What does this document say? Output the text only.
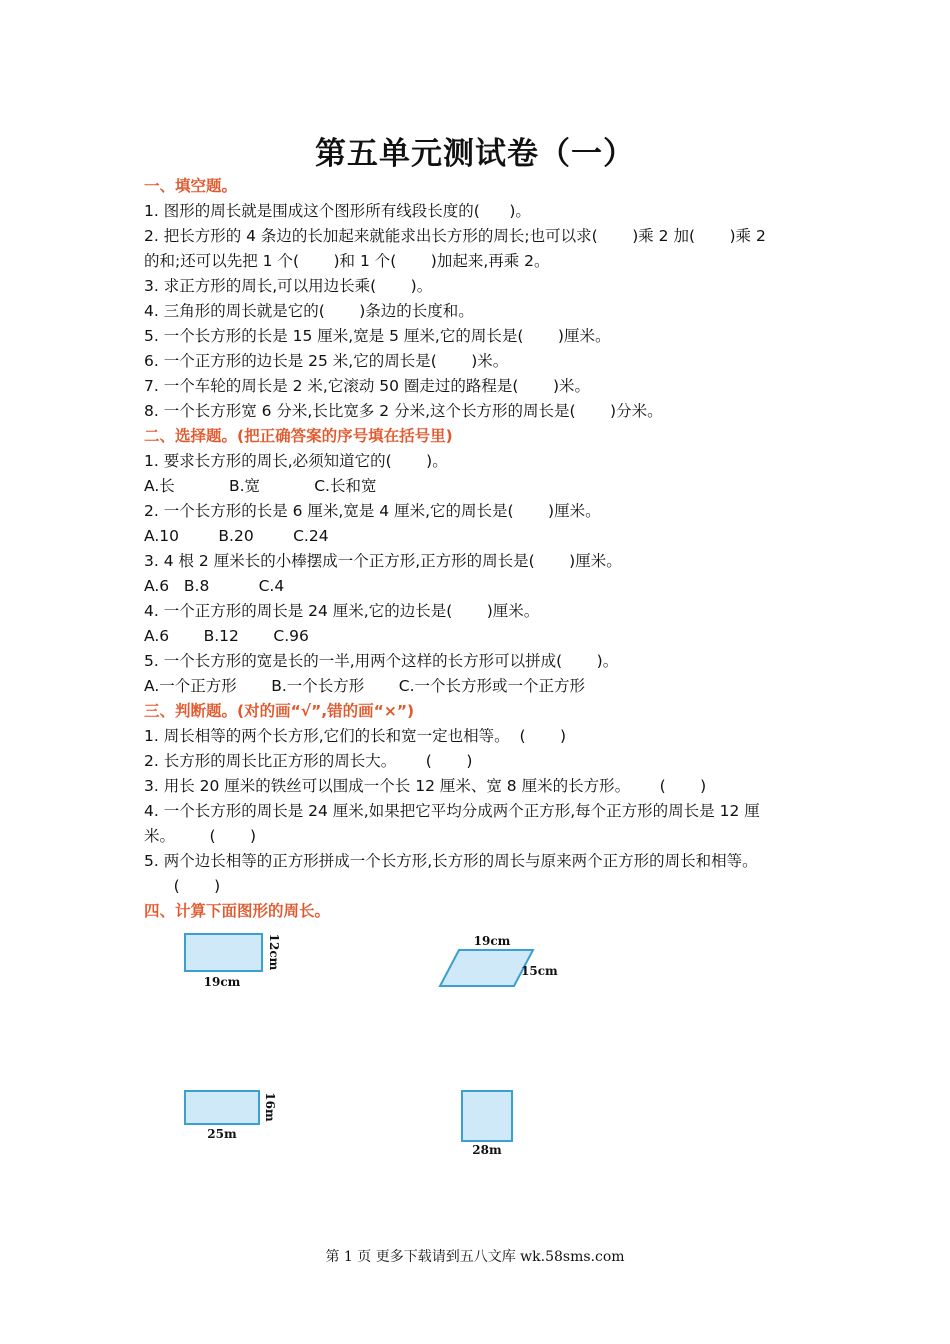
第五单元测试卷（一）
一、填空题。
1. 图形的周长就是围成这个图形所有线段长度的(      )。
2. 把长方形的 4 条边的长加起来就能求出长方形的周长;也可以求(       )乘 2 加(       )乘 2
的和;还可以先把 1 个(       )和 1 个(       )加起来,再乘 2。
3. 求正方形的周长,可以用边长乘(       )。
4. 三角形的周长就是它的(       )条边的长度和。
5. 一个长方形的长是 15 厘米,宽是 5 厘米,它的周长是(       )厘米。
6. 一个正方形的边长是 25 米,它的周长是(       )米。
7. 一个车轮的周长是 2 米,它滚动 50 圈走过的路程是(       )米。
8. 一个长方形宽 6 分米,长比宽多 2 分米,这个长方形的周长是(       )分米。
二、选择题。(把正确答案的序号填在括号里)
1. 要求长方形的周长,必须知道它的(       )。
A.长           B.宽           C.长和宽
2. 一个长方形的长是 6 厘米,宽是 4 厘米,它的周长是(       )厘米。
A.10        B.20        C.24
3. 4 根 2 厘米长的小棒摆成一个正方形,正方形的周长是(       )厘米。
A.6   B.8          C.4
4. 一个正方形的周长是 24 厘米,它的边长是(       )厘米。
A.6       B.12       C.96
5. 一个长方形的宽是长的一半,用两个这样的长方形可以拼成(       )。
A.一个正方形       B.一个长方形       C.一个长方形或一个正方形
三、判断题。(对的画“√”,错的画“×”)
1. 周长相等的两个长方形,它们的长和宽一定也相等。  (       )
2. 长方形的周长比正方形的周长大。      (       )
3. 用长 20 厘米的铁丝可以围成一个长 12 厘米、宽 8 厘米的长方形。      (       )
4. 一个长方形的周长是 24 厘米,如果把它平均分成两个正方形,每个正方形的周长是 12 厘
米。       (       )
5. 两个边长相等的正方形拼成一个长方形,长方形的周长与原来两个正方形的周长和相等。
(       )
四、计算下面图形的周长。
19cm
12cm	19cm
15cm
25m
16m
28m
第 1 页 更多下载请到五八文库 wk.58sms.com
